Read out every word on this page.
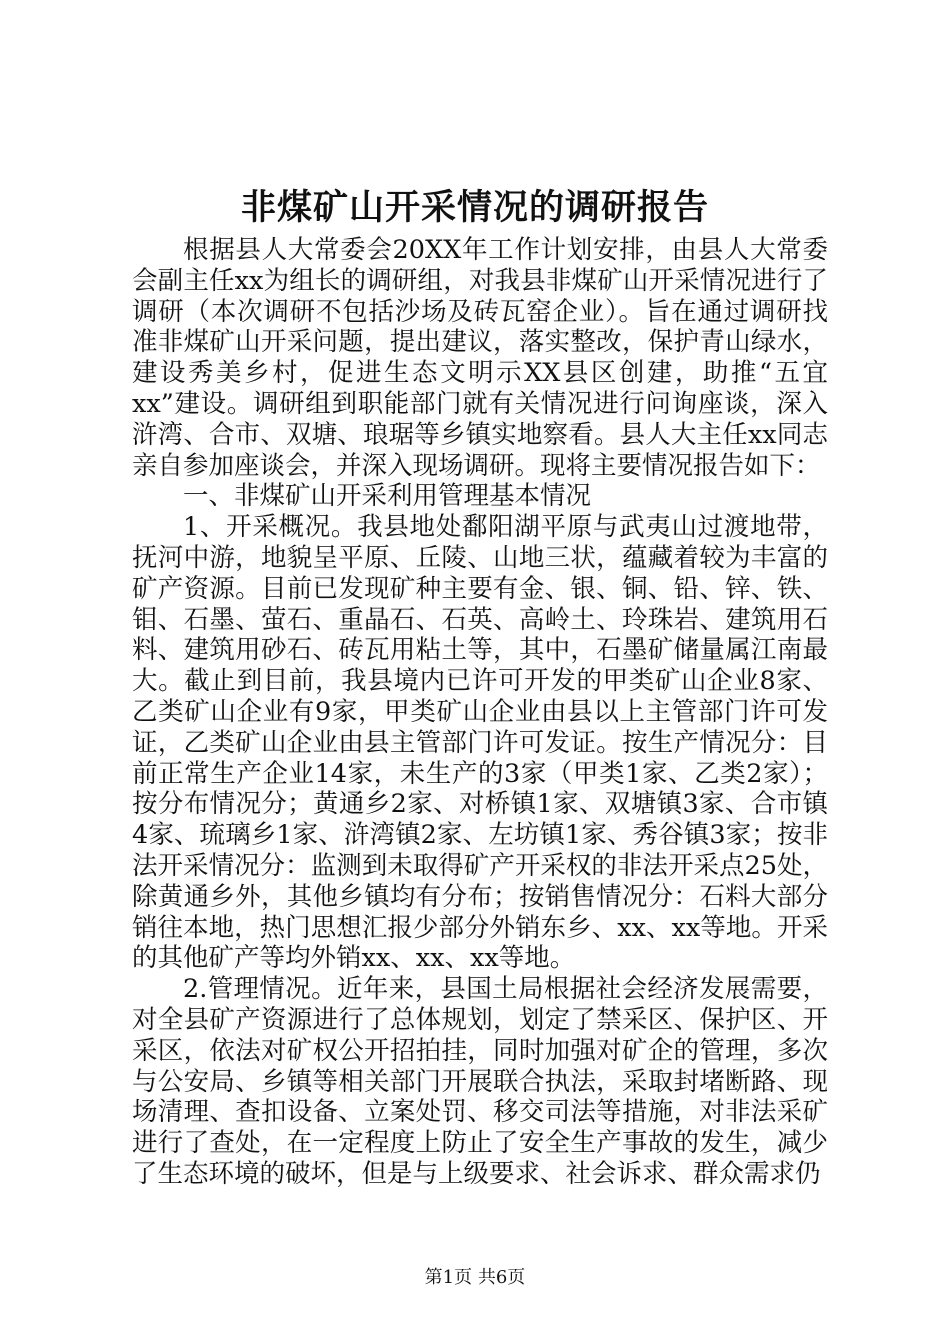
非煤矿山开采情况的调研报告

根据县人大常委会20XX年工作计划安排，由县人大常委会副主任xx为组长的调研组，对我县非煤矿山开采情况进行了调研（本次调研不包括沙场及砖瓦窑企业）。旨在通过调研找准非煤矿山开采问题，提出建议，落实整改，保护青山绿水，建设秀美乡村，促进生态文明示XX县区创建，助推“五宜xx”建设。调研组到职能部门就有关情况进行问询座谈，深入浒湾、合市、双塘、琅琚等乡镇实地察看。县人大主任xx同志亲自参加座谈会，并深入现场调研。现将主要情况报告如下：

一、非煤矿山开采利用管理基本情况

1、开采概况。我县地处鄱阳湖平原与武夷山过渡地带，抚河中游，地貌呈平原、丘陵、山地三状，蕴藏着较为丰富的矿产资源。目前已发现矿种主要有金、银、铜、铅、锌、铁、钼、石墨、萤石、重晶石、石英、高岭土、玲珠岩、建筑用石料、建筑用砂石、砖瓦用粘土等，其中，石墨矿储量属江南最大。截止到目前，我县境内已许可开发的甲类矿山企业8家、乙类矿山企业有9家，甲类矿山企业由县以上主管部门许可发证，乙类矿山企业由县主管部门许可发证。按生产情况分：目前正常生产企业14家，未生产的3家（甲类1家、乙类2家）；按分布情况分；黄通乡2家、对桥镇1家、双塘镇3家、合市镇4家、琉璃乡1家、浒湾镇2家、左坊镇1家、秀谷镇3家；按非法开采情况分：监测到未取得矿产开采权的非法开采点25处，除黄通乡外，其他乡镇均有分布；按销售情况分：石料大部分销往本地，热门思想汇报少部分外销东乡、xx、xx等地。开采的其他矿产等均外销xx、xx、xx等地。

2.管理情况。近年来，县国土局根据社会经济发展需要，对全县矿产资源进行了总体规划，划定了禁采区、保护区、开采区，依法对矿权公开招拍挂，同时加强对矿企的管理，多次与公安局、乡镇等相关部门开展联合执法，采取封堵断路、现场清理、查扣设备、立案处罚、移交司法等措施，对非法采矿进行了查处，在一定程度上防止了安全生产事故的发生，减少了生态环境的破坏，但是与上级要求、社会诉求、群众需求仍

第1页 共6页
